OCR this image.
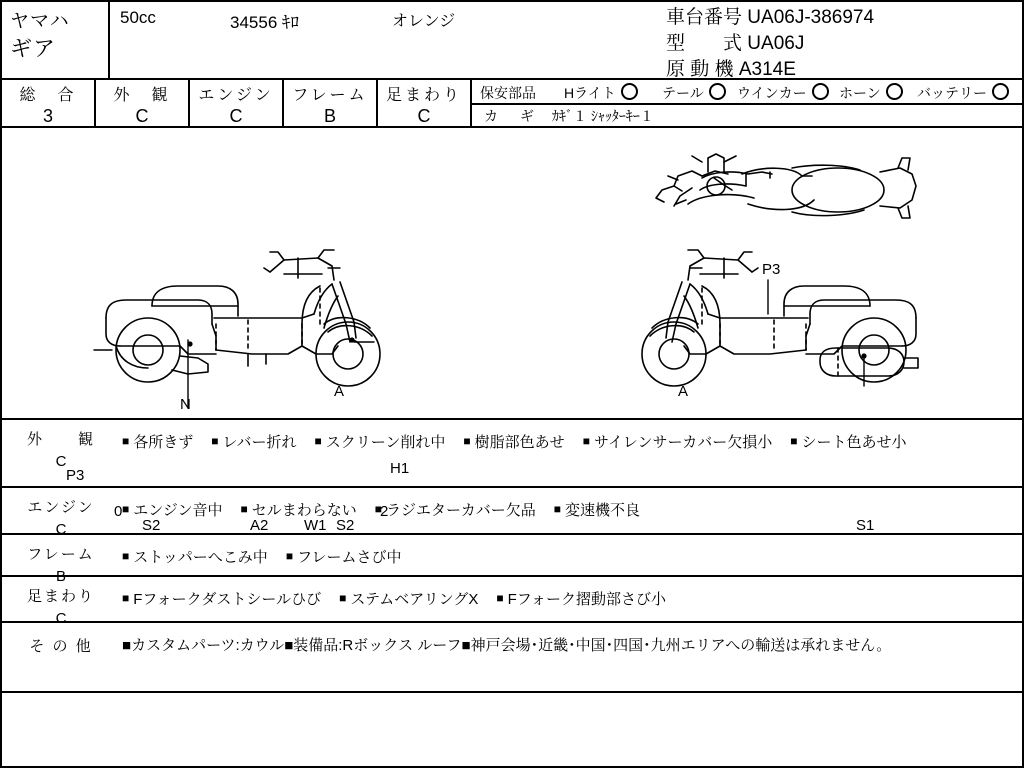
ヤマハ
ギア
50cc	34556 ｷﾛ	オレンジ	車台番号 UA06J-386974
型　　式 UA06J
原 動 機 A314E
総　合
3
外　観
C
エンジン
C
フレーム
B
足まわり
C
保安部品 Hライト	テール	ウインカー	ホーン	バッテリー
カ　ギ ｶｷﾞ１ ｼｬｯﾀｰｷｰ１
P3
A
N
P3	H1
0
S2	A2 W1 S2
2
A
S1
外　　観
C
■ 各所きず ■ レバー折れ ■ スクリーン削れ中 ■ 樹脂部色あせ ■ サイレンサーカバー欠損小 ■ シート色あせ小
エンジン
C
■ エンジン音中 ■ セルまわらない ■ ラジエターカバー欠品 ■ 変速機不良
フレーム
B
■ ストッパーへこみ中 ■ フレームさび中
足まわり
C
■ Fフォークダストシールひび ■ ステムベアリングX ■ Fフォーク摺動部さび小
そ の 他	■カスタムパーツ:カウル■装備品:Rボックス ルーフ■神戸会場･近畿･中国･四国･九州エリアへの輸送は承れません。
